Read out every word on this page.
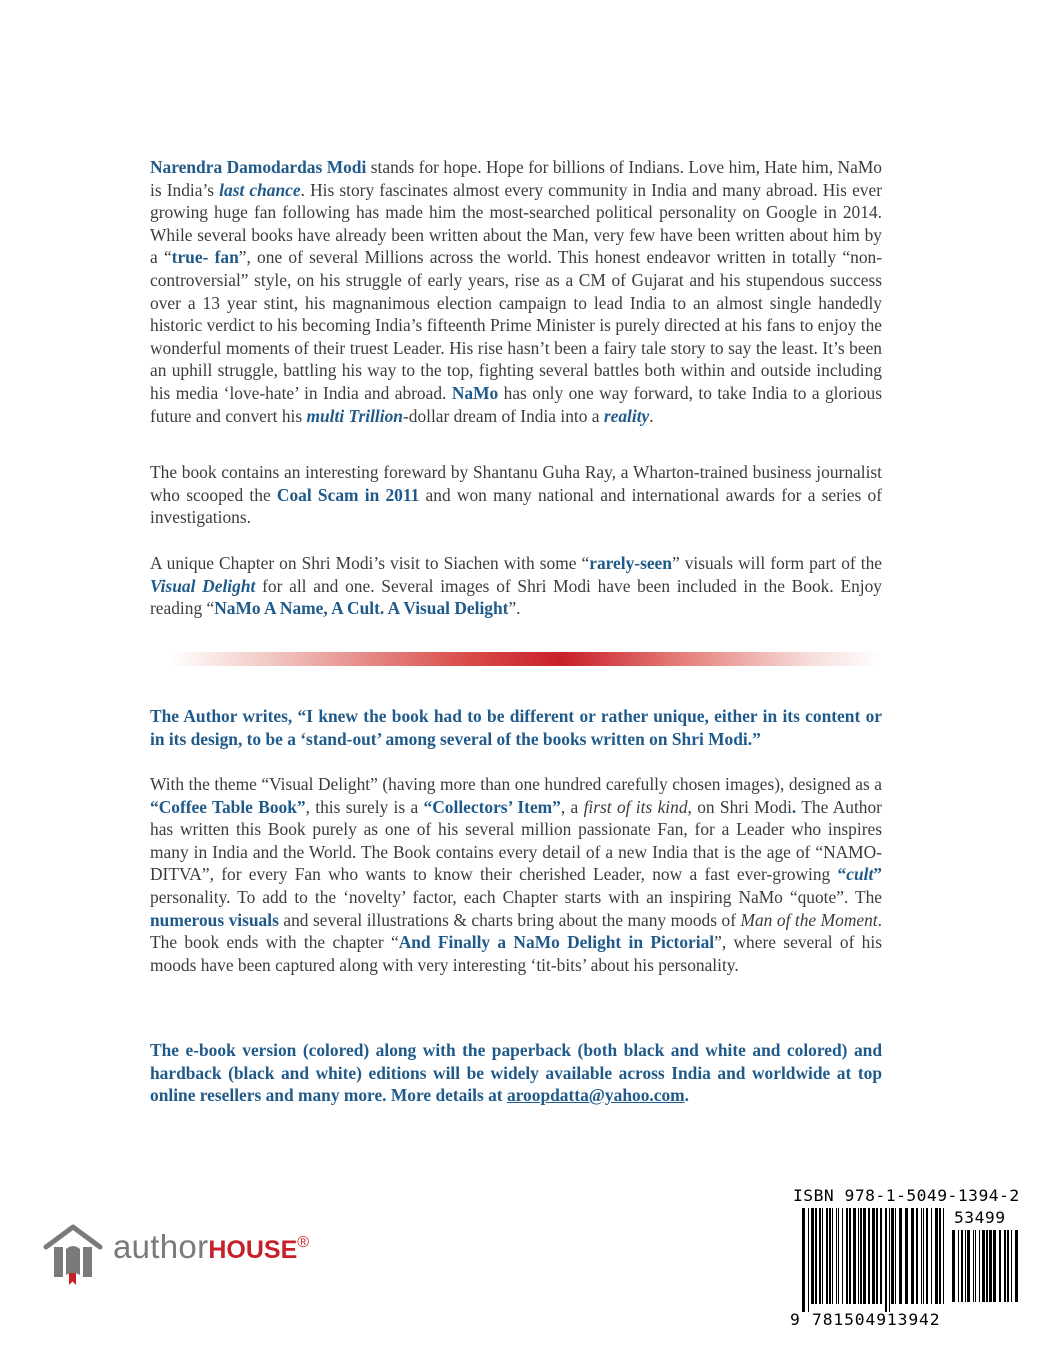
Narendra Damodardas Modi stands for hope. Hope for billions of Indians. Love him, Hate him, NaMo is India’s last chance. His story fascinates almost every community in India and many abroad. His ever growing huge fan following has made him the most-searched political personality on Google in 2014. While several books have already been written about the Man, very few have been written about him by a “true- fan”, one of several Millions across the world. This honest endeavor written in totally “non-controversial” style, on his struggle of early years, rise as a CM of Gujarat and his stupendous success over a 13 year stint, his magnanimous election campaign to lead India to an almost single handedly historic verdict to his becoming India’s fifteenth Prime Minister is purely directed at his fans to enjoy the wonderful moments of their truest Leader. His rise hasn’t been a fairy tale story to say the least. It’s been an uphill struggle, battling his way to the top, fighting several battles both within and outside including his media ‘love-hate’ in India and abroad. NaMo has only one way forward, to take India to a glorious future and convert his multi Trillion-dollar dream of India into a reality.

The book contains an interesting foreward by Shantanu Guha Ray, a Wharton-trained business journalist who scooped the Coal Scam in 2011 and won many national and international awards for a series of investigations.

A unique Chapter on Shri Modi’s visit to Siachen with some “rarely-seen” visuals will form part of the Visual Delight for all and one. Several images of Shri Modi have been included in the Book. Enjoy reading “NaMo A Name, A Cult. A Visual Delight”.

The Author writes, “I knew the book had to be different or rather unique, either in its content or in its design, to be a ‘stand-out’ among several of the books written on Shri Modi.”

With the theme “Visual Delight” (having more than one hundred carefully chosen images), designed as a “Coffee Table Book”, this surely is a “Collectors’ Item”, a first of its kind, on Shri Modi. The Author has written this Book purely as one of his several million passionate Fan, for a Leader who inspires many in India and the World. The Book contains every detail of a new India that is the age of “NAMO-DITVA”, for every Fan who wants to know their cherished Leader, now a fast ever-growing “cult” personality. To add to the ‘novelty’ factor, each Chapter starts with an inspiring NaMo “quote”. The numerous visuals and several illustrations & charts bring about the many moods of Man of the Moment. The book ends with the chapter “And Finally a NaMo Delight in Pictorial”, where several of his moods have been captured along with very interesting ‘tit-bits’ about his personality.

The e-book version (colored) along with the paperback (both black and white and colored) and hardback (black and white) editions will be widely available across India and worldwide at top online resellers and many more. More details at aroopdatta@yahoo.com.

authorHOUSE®
ISBN 978-1-5049-1394-2
53499
9 781504913942
